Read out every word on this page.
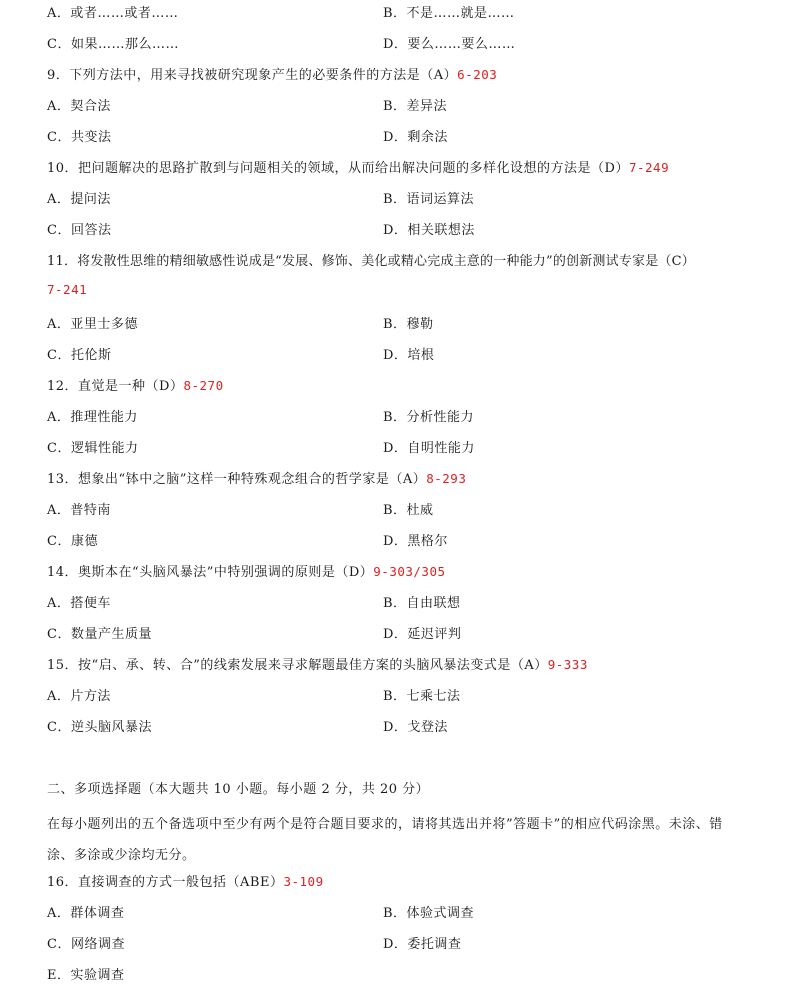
A．或者……或者……	B．不是……就是……
C．如果……那么……	D．要么……要么……
9．下列方法中，用来寻找被研究现象产生的必要条件的方法是（A）6-203
A．契合法	B．差异法
C．共变法	D．剩余法
10．把问题解决的思路扩散到与问题相关的领域，从而给出解决问题的多样化设想的方法是（D）7-249
A．提问法	B．语词运算法
C．回答法	D．相关联想法
11．将发散性思维的精细敏感性说成是“发展、修饰、美化或精心完成主意的一种能力”的创新测试专家是（C）
7-241
A．亚里士多德	B．穆勒
C．托伦斯	D．培根
12．直觉是一种（D）8-270
A．推理性能力	B．分析性能力
C．逻辑性能力	D．自明性能力
13．想象出“钵中之脑”这样一种特殊观念组合的哲学家是（A）8-293
A．普特南	B．杜威
C．康德	D．黑格尔
14．奥斯本在“头脑风暴法”中特别强调的原则是（D）9-303/305
A．搭便车	B．自由联想
C．数量产生质量	D．延迟评判
15．按“启、承、转、合”的线索发展来寻求解题最佳方案的头脑风暴法变式是（A）9-333
A．片方法	B．七乘七法
C．逆头脑风暴法	D．戈登法
二、多项选择题（本大题共 10 小题。每小题 2 分，共 20 分）
在每小题列出的五个备选项中至少有两个是符合题目要求的，请将其选出并将”答题卡”的相应代码涂黑。未涂、错涂、多涂或少涂均无分。
16．直接调查的方式一般包括（ABE）3-109
A．群体调查	B．体验式调查
C．网络调查	D．委托调查
E．实验调查
